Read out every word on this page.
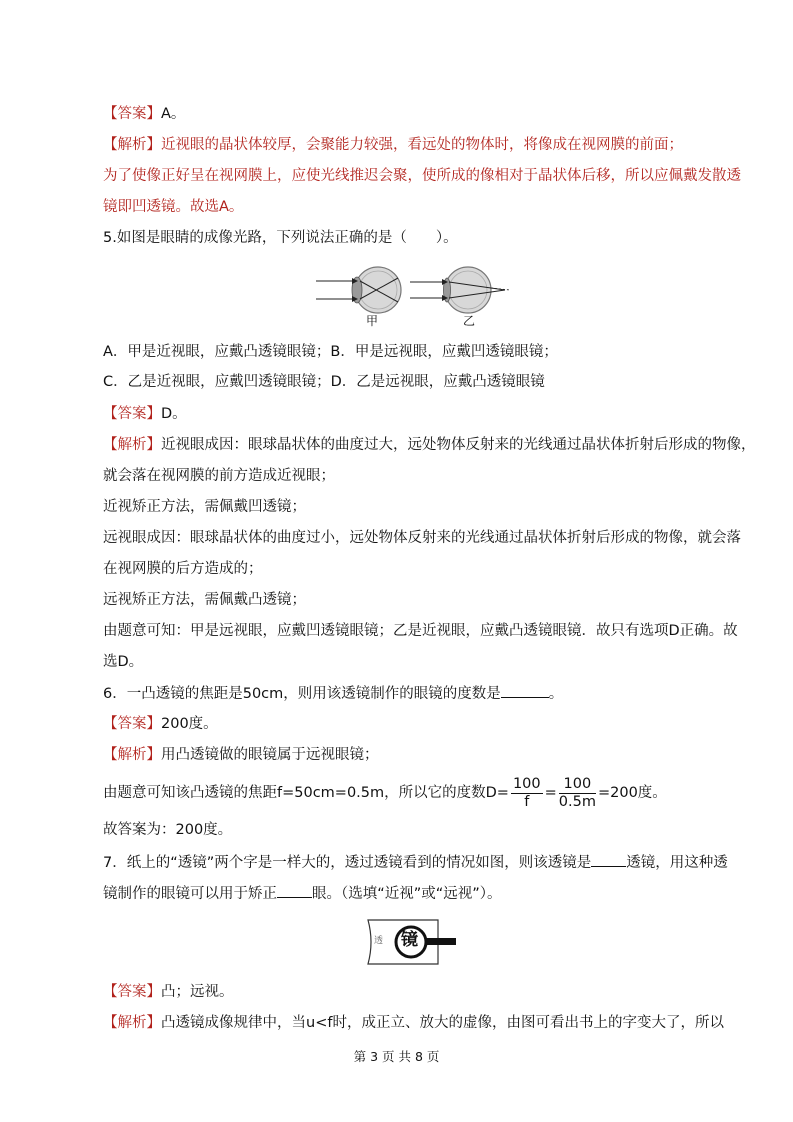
【答案】A。
【解析】近视眼的晶状体较厚，会聚能力较强，看远处的物体时，将像成在视网膜的前面；
为了使像正好呈在视网膜上，应使光线推迟会聚，使所成的像相对于晶状体后移，所以应佩戴发散透
镜即凹透镜。故选A。
5.如图是眼睛的成像光路，下列说法正确的是（　　）。
甲	乙
A．甲是近视眼，应戴凸透镜眼镜；B．甲是远视眼，应戴凹透镜眼镜；
C．乙是近视眼，应戴凹透镜眼镜；D．乙是远视眼，应戴凸透镜眼镜
【答案】D。
【解析】近视眼成因：眼球晶状体的曲度过大，远处物体反射来的光线通过晶状体折射后形成的物像，
就会落在视网膜的前方造成近视眼；
近视矫正方法，需佩戴凹透镜；
远视眼成因：眼球晶状体的曲度过小，远处物体反射来的光线通过晶状体折射后形成的物像，就会落
在视网膜的后方造成的；
远视矫正方法，需佩戴凸透镜；
由题意可知：甲是远视眼，应戴凹透镜眼镜；乙是近视眼，应戴凸透镜眼镜．故只有选项D正确。故
选D。
6．一凸透镜的焦距是50cm，则用该透镜制作的眼镜的度数是	。
【答案】200度。
【解析】用凸透镜做的眼镜属于远视眼镜；
由题意可知该凸透镜的焦距f=50cm=0.5m，所以它的度数$D= \frac{100}{f} = \frac{100}{0.5m} =200$度。
故答案为：200度。
7．纸上的“透镜”两个字是一样大的，透过透镜看到的情况如图，则该透镜是 透镜，用这种透
镜制作的眼镜可以用于矫正 眼。（选填“近视”或“远视”）。
透 镜
【答案】凸；远视。
【解析】凸透镜成像规律中，当u<f时，成正立、放大的虚像，由图可看出书上的字变大了，所以
第 3 页 共 8 页
